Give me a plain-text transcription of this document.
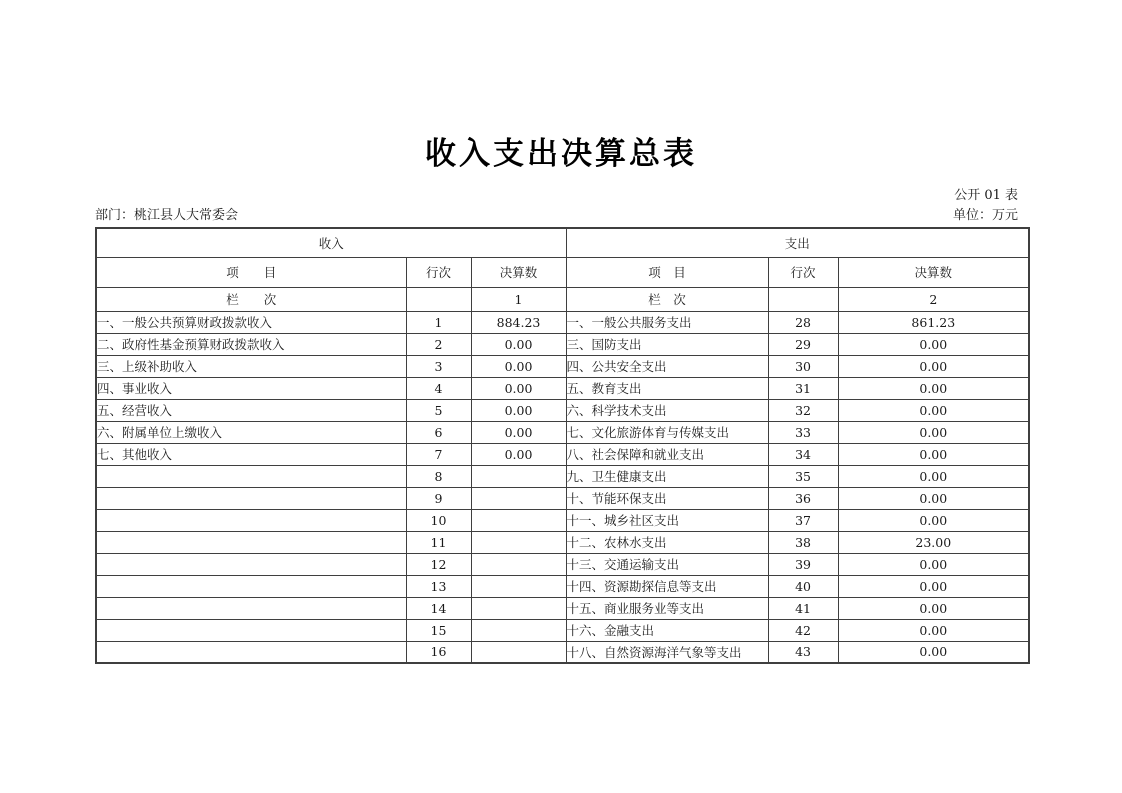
收入支出决算总表
公开 01 表
部门：桃江县人大常委会	单位：万元
收入			支出		
项　　目	行次	决算数	项　目	行次	决算数
栏　　次		1	栏　次		2
一、一般公共预算财政拨款收入	1	884.23	一、一般公共服务支出	28	861.23
二、政府性基金预算财政拨款收入	2	0.00	三、国防支出	29	0.00
三、上级补助收入	3	0.00	四、公共安全支出	30	0.00
四、事业收入	4	0.00	五、教育支出	31	0.00
五、经营收入	5	0.00	六、科学技术支出	32	0.00
六、附属单位上缴收入	6	0.00	七、文化旅游体育与传媒支出	33	0.00
七、其他收入	7	0.00	八、社会保障和就业支出	34	0.00
	8		九、卫生健康支出	35	0.00
	9		十、节能环保支出	36	0.00
	10		十一、城乡社区支出	37	0.00
	11		十二、农林水支出	38	23.00
	12		十三、交通运输支出	39	0.00
	13		十四、资源勘探信息等支出	40	0.00
	14		十五、商业服务业等支出	41	0.00
	15		十六、金融支出	42	0.00
	16		十八、自然资源海洋气象等支出	43	0.00
